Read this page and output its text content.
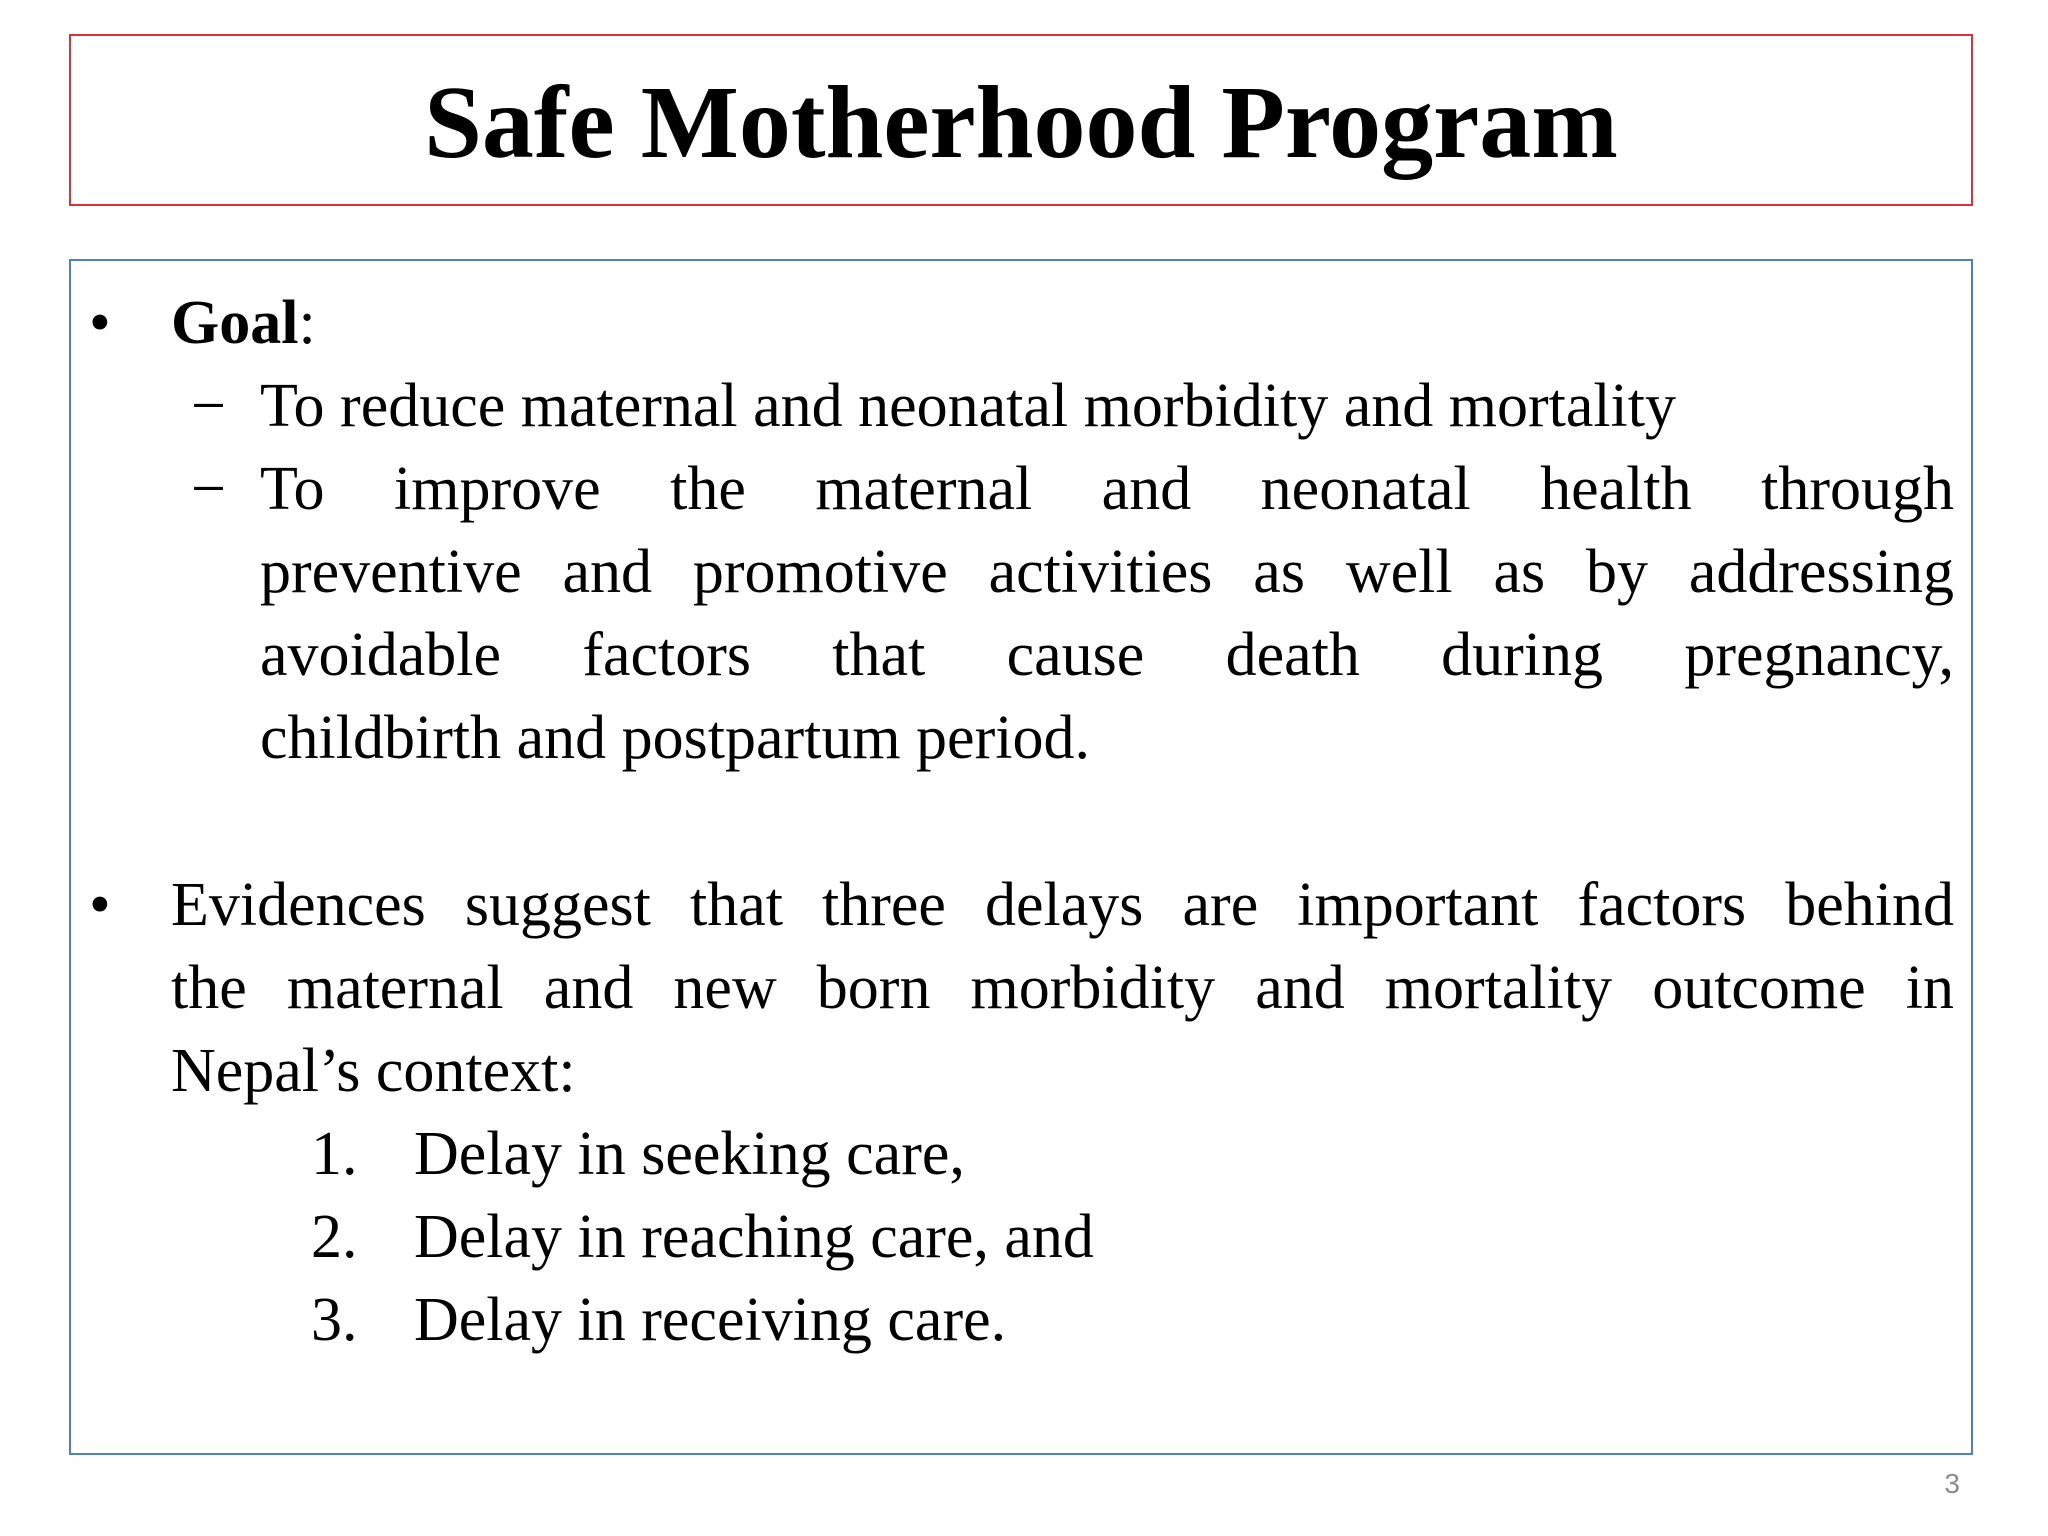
Safe Motherhood Program
• Goal:
− To reduce maternal and neonatal morbidity and mortality
− To improve the maternal and neonatal health through
preventive and promotive activities as well as by addressing
avoidable factors that cause death during pregnancy,
childbirth and postpartum period.
• Evidences suggest that three delays are important factors behind
the maternal and new born morbidity and mortality outcome in
Nepal’s context:
1. Delay in seeking care,
2. Delay in reaching care, and
3. Delay in receiving care.
3
